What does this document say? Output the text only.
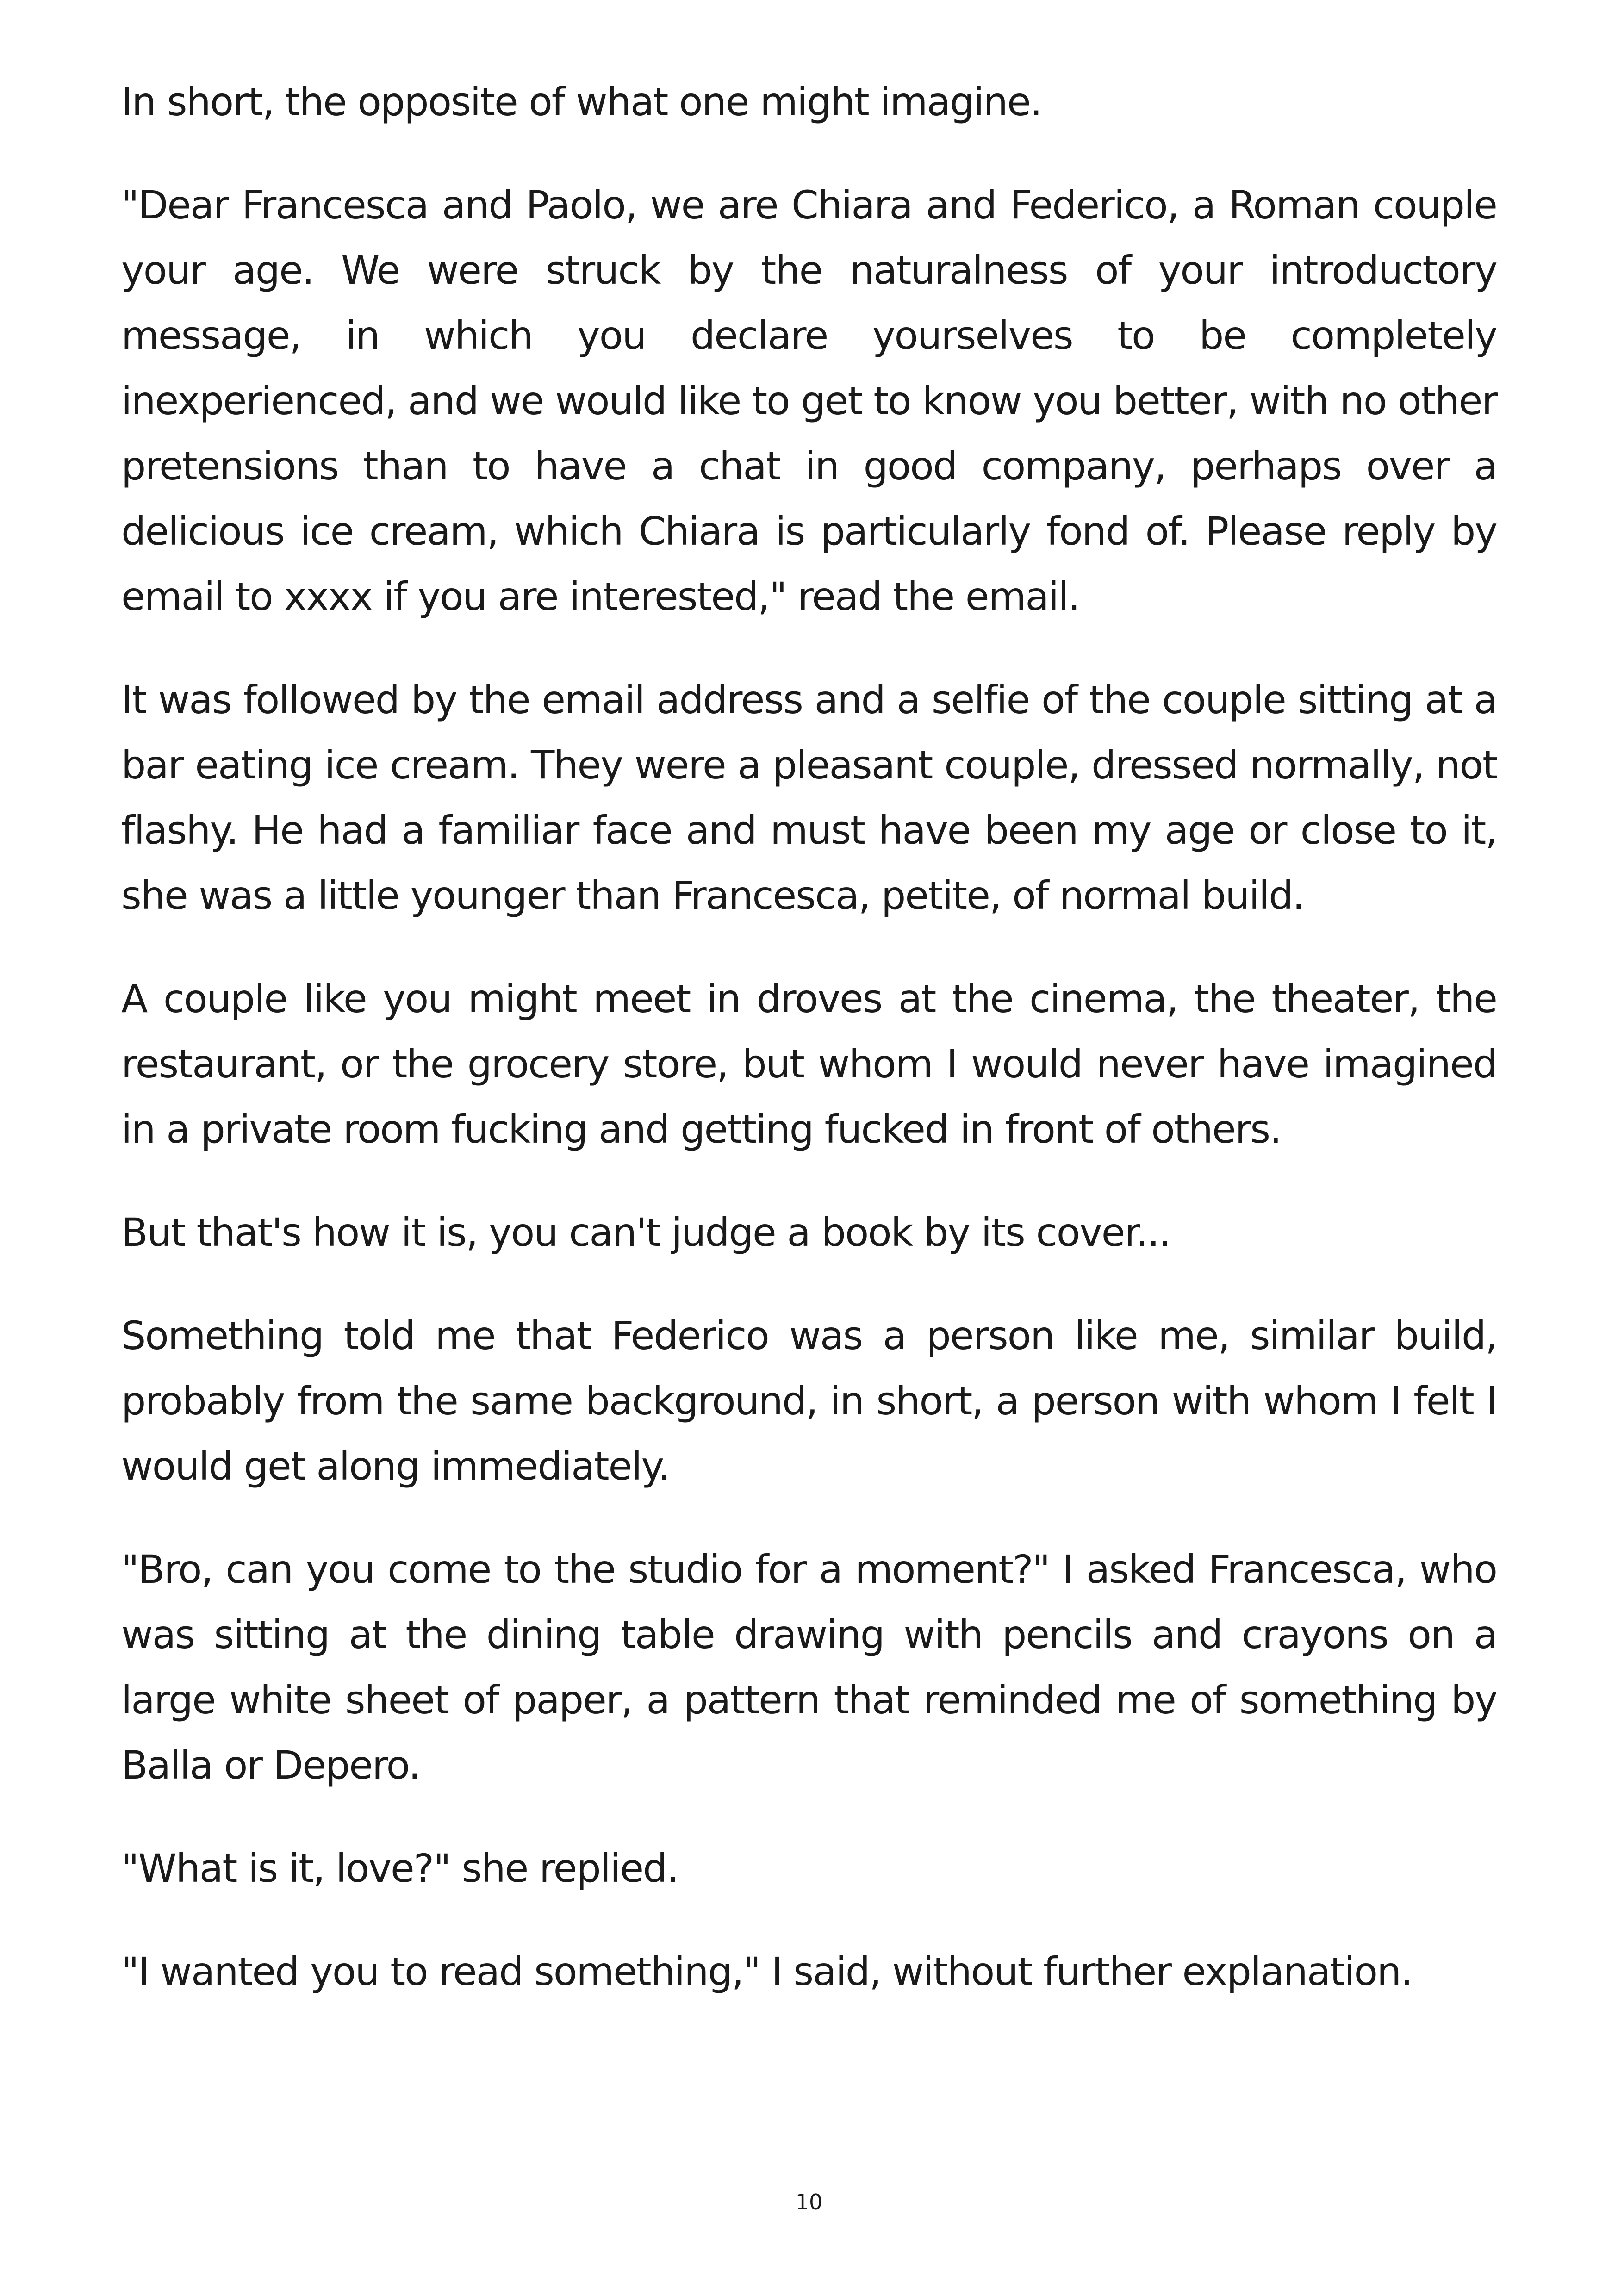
In short, the opposite of what one might imagine.

"Dear Francesca and Paolo, we are Chiara and Federico, a Roman couple your age. We were struck by the naturalness of your introductory message, in which you declare yourselves to be completely inexperienced, and we would like to get to know you better, with no other pretensions than to have a chat in good company, perhaps over a delicious ice cream, which Chiara is particularly fond of. Please reply by email to xxxx if you are interested," read the email.

It was followed by the email address and a selfie of the couple sitting at a bar eating ice cream. They were a pleasant couple, dressed normally, not flashy. He had a familiar face and must have been my age or close to it, she was a little younger than Francesca, petite, of normal build.

A couple like you might meet in droves at the cinema, the theater, the restaurant, or the grocery store, but whom I would never have imagined in a private room fucking and getting fucked in front of others.

But that's how it is, you can't judge a book by its cover...

Something told me that Federico was a person like me, similar build, probably from the same background, in short, a person with whom I felt I would get along immediately.

"Bro, can you come to the studio for a moment?" I asked Francesca, who was sitting at the dining table drawing with pencils and crayons on a large white sheet of paper, a pattern that reminded me of something by Balla or Depero.

"What is it, love?" she replied.

"I wanted you to read something," I said, without further explanation.

10
